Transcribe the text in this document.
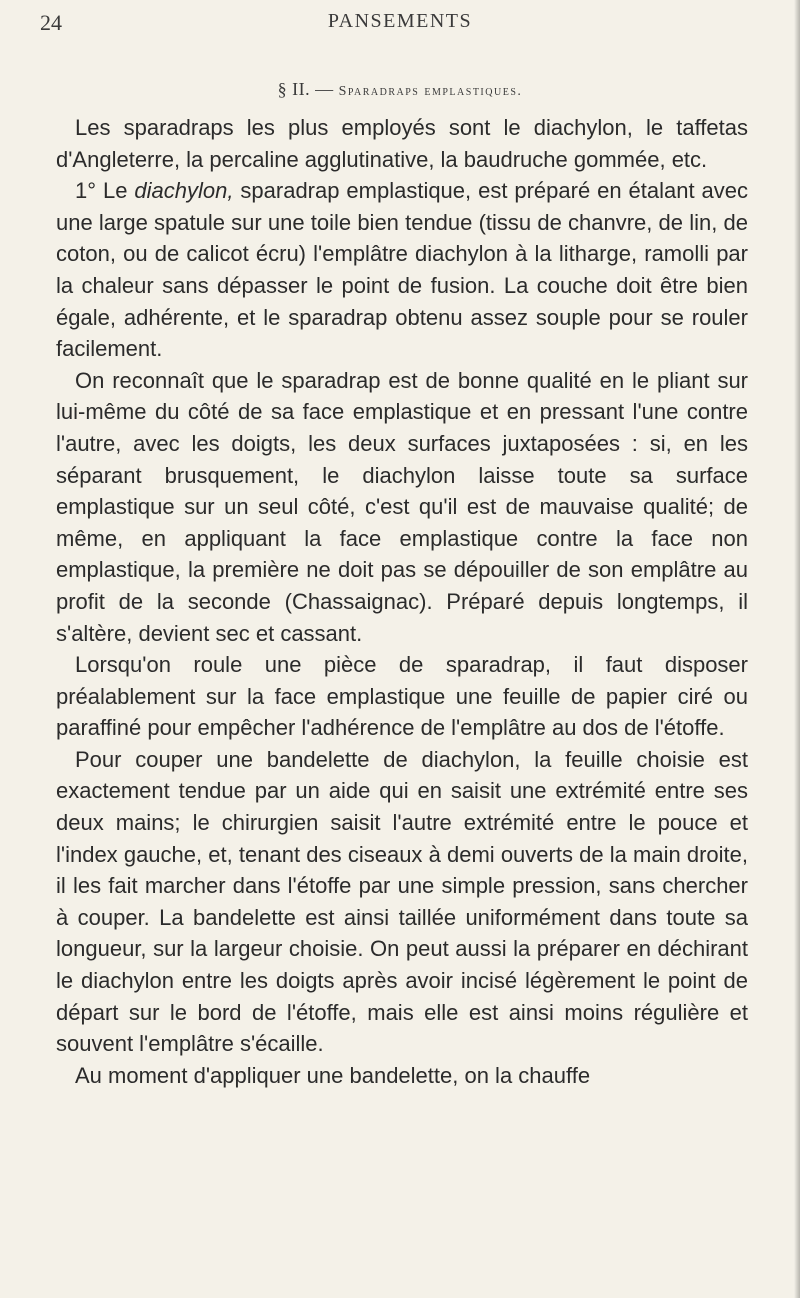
24	PANSEMENTS
§ II. — Sparadraps emplastiques.

Les sparadraps les plus employés sont le diachylon, le taffetas d'Angleterre, la percaline agglutinative, la baudruche gommée, etc.

1° Le diachylon, sparadrap emplastique, est préparé en étalant avec une large spatule sur une toile bien tendue (tissu de chanvre, de lin, de coton, ou de calicot écru) l'emplâtre diachylon à la litharge, ramolli par la chaleur sans dépasser le point de fusion. La couche doit être bien égale, adhérente, et le sparadrap obtenu assez souple pour se rouler facilement.

On reconnaît que le sparadrap est de bonne qualité en le pliant sur lui-même du côté de sa face emplastique et en pressant l'une contre l'autre, avec les doigts, les deux surfaces juxtaposées : si, en les séparant brusquement, le diachylon laisse toute sa surface emplastique sur un seul côté, c'est qu'il est de mauvaise qualité; de même, en appliquant la face emplastique contre la face non emplastique, la première ne doit pas se dépouiller de son emplâtre au profit de la seconde (Chassaignac). Préparé depuis longtemps, il s'altère, devient sec et cassant.

Lorsqu'on roule une pièce de sparadrap, il faut disposer préalablement sur la face emplastique une feuille de papier ciré ou paraffiné pour empêcher l'adhérence de l'emplâtre au dos de l'étoffe.

Pour couper une bandelette de diachylon, la feuille choisie est exactement tendue par un aide qui en saisit une extrémité entre ses deux mains; le chirurgien saisit l'autre extrémité entre le pouce et l'index gauche, et, tenant des ciseaux à demi ouverts de la main droite, il les fait marcher dans l'étoffe par une simple pression, sans chercher à couper. La bandelette est ainsi taillée uniformément dans toute sa longueur, sur la largeur choisie. On peut aussi la préparer en déchirant le diachylon entre les doigts après avoir incisé légèrement le point de départ sur le bord de l'étoffe, mais elle est ainsi moins régulière et souvent l'emplâtre s'écaille.

Au moment d'appliquer une bandelette, on la chauffe
